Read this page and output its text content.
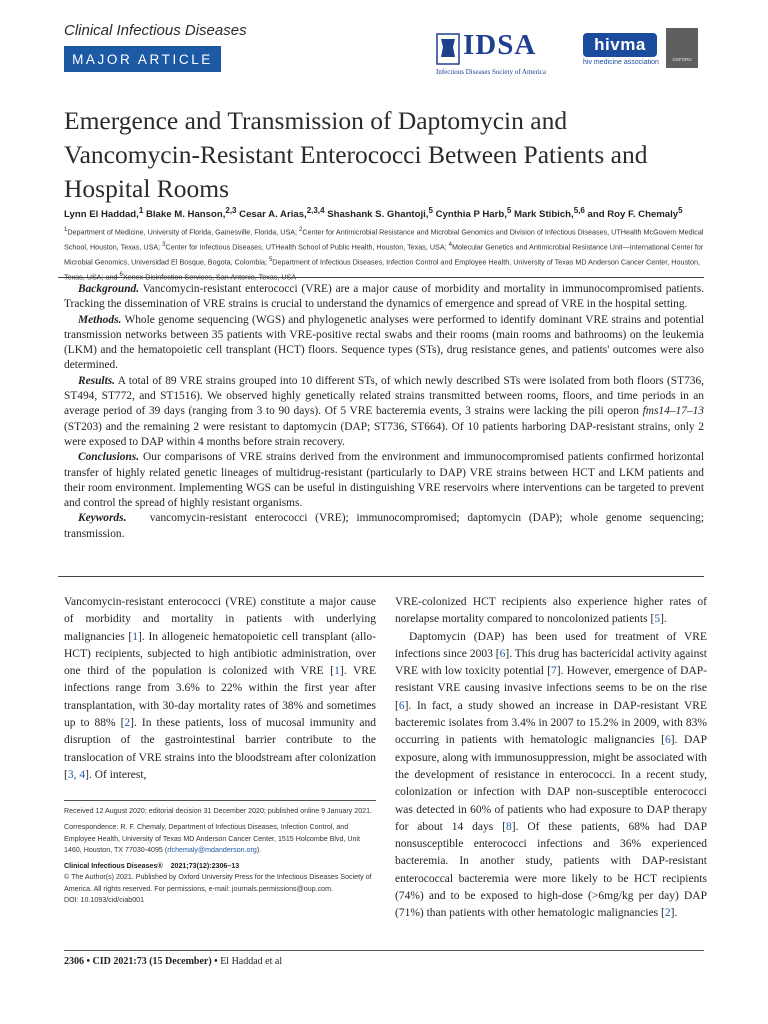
Clinical Infectious Diseases
MAJOR ARTICLE	IDSA
Infectious Diseases Society of America
hivma
hiv medicine association	OXFORD
Emergence and Transmission of Daptomycin and Vancomycin-Resistant Enterococci Between Patients and Hospital Rooms
Lynn El Haddad,$^1$ Blake M. Hanson,$^{2,3}$ Cesar A. Arias,$^{2,3,4}$ Shashank S. Ghantoji,$^5$ Cynthia P Harb,$^5$ Mark Stibich,$^{5,6}$ and Roy F. Chemaly$^5$
$^1$Department of Medicine, University of Florida, Gainesville, Florida, USA; $^2$Center for Antimicrobial Resistance and Microbial Genomics and Division of Infectious Diseases, UTHealth McGovern Medical School, Houston, Texas, USA; $^3$Center for Infectious Diseases, UTHealth School of Public Health, Houston, Texas, USA; $^4$Molecular Genetics and Antimicrobial Resistance Unit—International Center for Microbial Genomics, Universidad El Bosque, Bogota, Colombia; $^5$Department of Infectious Diseases, Infection Control and Employee Health, University of Texas MD Anderson Cancer Center, Houston, Texas, USA; and $^6$Xenex Disinfection Services, San Antonio, Texas, USA

Background. Vancomycin-resistant enterococci (VRE) are a major cause of morbidity and mortality in immunocompromised patients. Tracking the dissemination of VRE strains is crucial to understand the dynamics of emergence and spread of VRE in the hospital setting.

Methods. Whole genome sequencing (WGS) and phylogenetic analyses were performed to identify dominant VRE strains and potential transmission networks between 35 patients with VRE-positive rectal swabs and their rooms (main rooms and bathrooms) on the leukemia (LKM) and the hematopoietic cell transplant (HCT) floors. Sequence types (STs), drug resistance genes, and patients' outcomes were also determined.

Results. A total of 89 VRE strains grouped into 10 different STs, of which newly described STs were isolated from both floors (ST736, ST494, ST772, and ST1516). We observed highly genetically related strains transmitted between rooms, floors, and time periods in an average period of 39 days (ranging from 3 to 90 days). Of 5 VRE bacteremia events, 3 strains were lacking the pili operon fms14–17–13 (ST203) and the remaining 2 were resistant to daptomycin (DAP; ST736, ST664). Of 10 patients harboring DAP-resistant strains, only 2 were exposed to DAP within 4 months before strain recovery.

Conclusions. Our comparisons of VRE strains derived from the environment and immunocompromised patients confirmed horizontal transfer of highly related genetic lineages of multidrug-resistant (particularly to DAP) VRE strains between HCT and LKM patients and their room environment. Implementing WGS can be useful in distinguishing VRE reservoirs where interventions can be targeted to prevent and control the spread of highly resistant organisms.

Keywords. vancomycin-resistant enterococci (VRE); immunocompromised; daptomycin (DAP); whole genome sequencing; transmission.

Vancomycin-resistant enterococci (VRE) constitute a major cause of morbidity and mortality in patients with underlying malignancies [1]. In allogeneic hematopoietic cell transplant (allo-HCT) recipients, subjected to high antibiotic administration, over one third of the population is colonized with VRE [1]. VRE infections range from 3.6% to 22% within the first year after transplantation, with 30-day mortality rates of 38% and sometimes up to 88% [2]. In these patients, loss of mucosal immunity and disruption of the gastrointestinal barrier contribute to the translocation of VRE strains into the bloodstream after colonization [3, 4]. Of interest,

Received 12 August 2020; editorial decision 31 December 2020; published online 9 January 2021.

Correspondence: R. F. Chemaly, Department of Infectious Diseases, Infection Control, and Employee Health, University of Texas MD Anderson Cancer Center, 1515 Holcombe Blvd, Unit 1460, Houston, TX 77030-4095 (rfchemaly@mdanderson.org).

Clinical Infectious Diseases® 2021;73(12):2306–13

© The Author(s) 2021. Published by Oxford University Press for the Infectious Diseases Society of America. All rights reserved. For permissions, e-mail: journals.permissions@oup.com.

DOI: 10.1093/cid/ciab001

VRE-colonized HCT recipients also experience higher rates of norelapse mortality compared to noncolonized patients [5].

Daptomycin (DAP) has been used for treatment of VRE infections since 2003 [6]. This drug has bactericidal activity against VRE with low toxicity potential [7]. However, emergence of DAP-resistant VRE causing invasive infections seems to be on the rise [6]. In fact, a study showed an increase in DAP-resistant VRE bacteremic isolates from 3.4% in 2007 to 15.2% in 2009, with 83% occurring in patients with hematologic malignancies [6]. DAP exposure, along with immunosuppression, might be associated with the development of resistance in enterococci. In a recent study, colonization or infection with DAP non-susceptible enterococci was detected in 60% of patients who had exposure to DAP therapy for about 14 days [8]. Of these patients, 68% had DAP nonsusceptible enterococci infections and 36% experienced bacteremia. In another study, patients with DAP-resistant enterococcal bacteremia were more likely to be HCT recipients (74%) and to be exposed to high-dose (>6mg/kg per day) DAP (71%) than patients with other hematologic malignancies [2].

2306 • CID 2021:73 (15 December) • El Haddad et al
